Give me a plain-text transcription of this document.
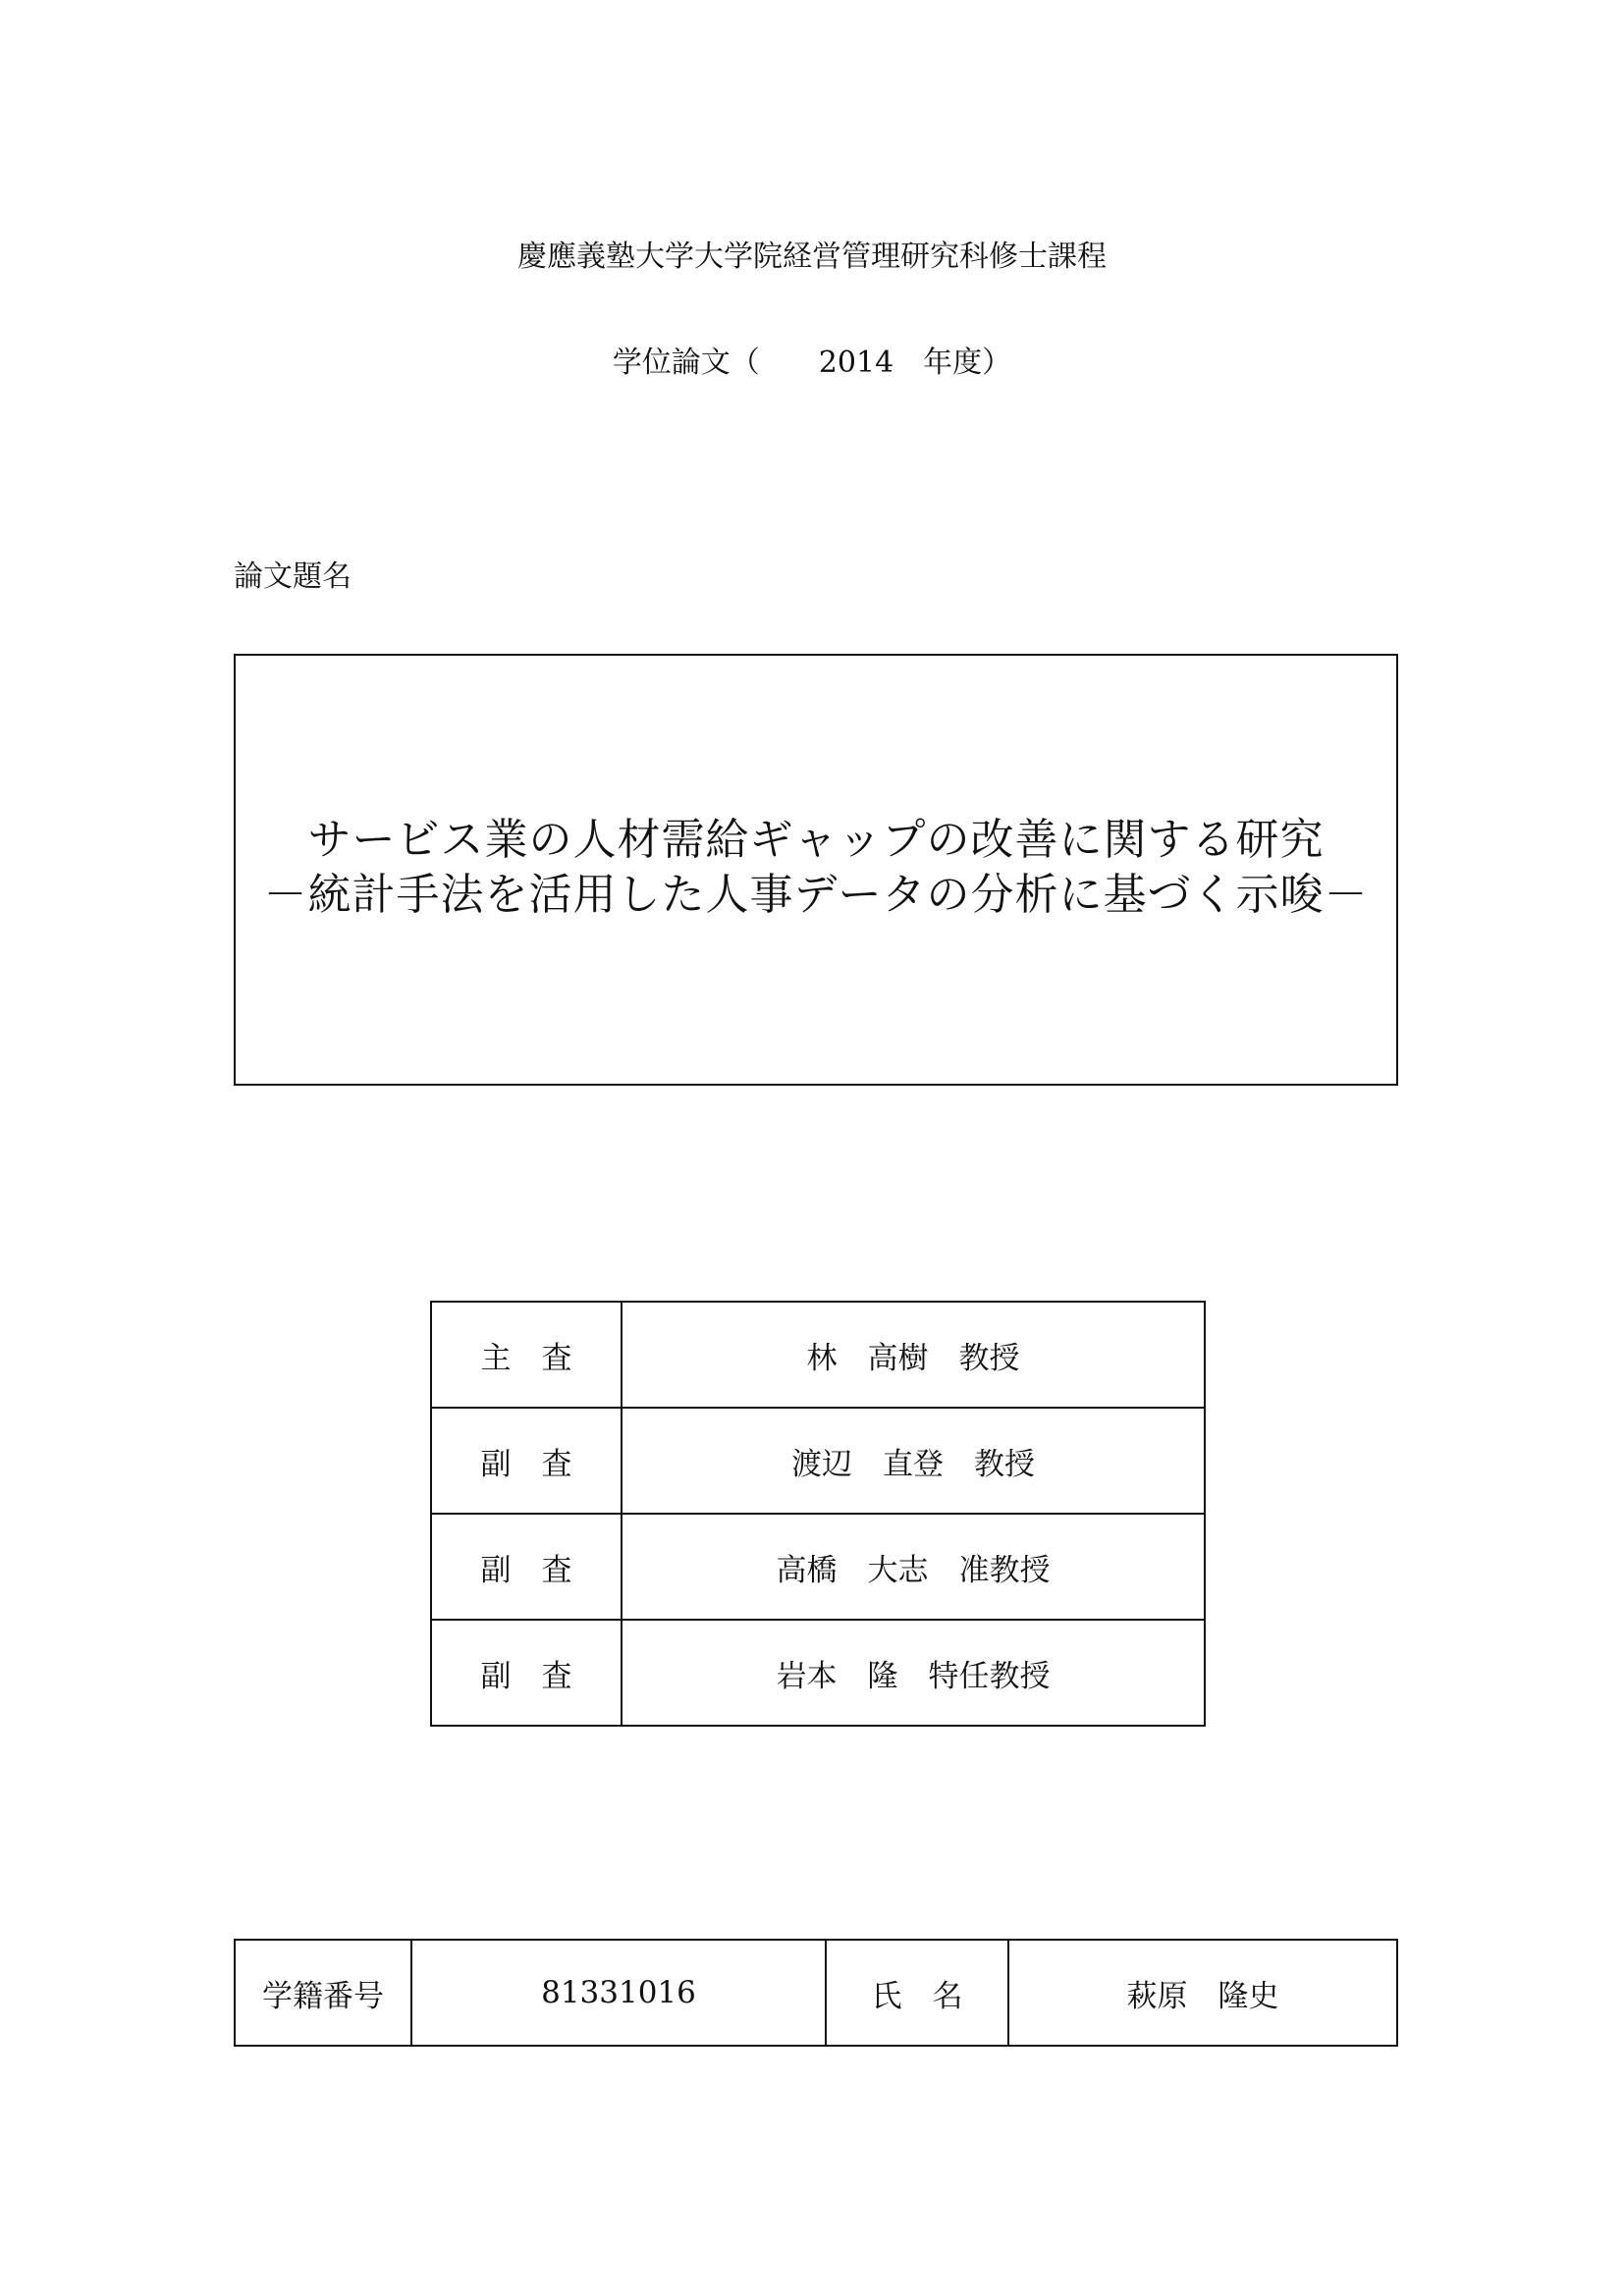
慶應義塾大学大学院経営管理研究科修士課程
学位論文（　　2014　年度）
論文題名
サービス業の人材需給ギャップの改善に関する研究
－統計手法を活用した人事データの分析に基づく示唆－
主　査	林　高樹　教授
副　査	渡辺　直登　教授
副　査	高橋　大志　准教授
副　査	岩本　隆　特任教授
学籍番号	81331016	氏　名	萩原　隆史
